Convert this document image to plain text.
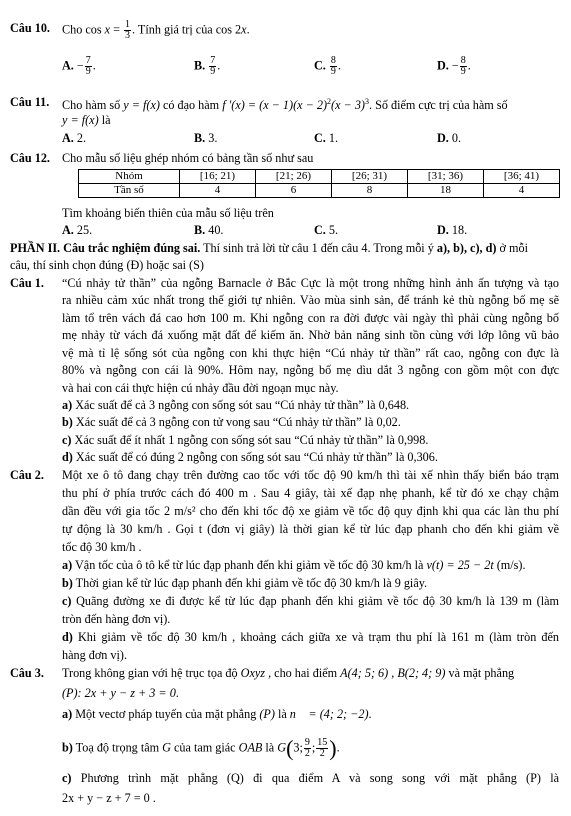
Câu 10. Cho $\cos x = \frac{1}{3}$ . Tính giá trị của cos 2x.
A. − $\frac{7}{9}$ .	B. $\frac{7}{9}$ .	C. $\frac{8}{9}$ .	D. − $\frac{8}{9}$ .
Câu 11. Cho hàm số y = f(x) có đạo hàm f $'(x) = (x - 1)(x - 2)^2(x - 3)^3$. Số điểm cực trị của hàm số
y = f(x) là
A. 2.	B. 3.	C. 1.	D. 0.
Câu 12. Cho mẫu số liệu ghép nhóm có bảng tần số như sau
Nhóm	[16; 21)	[21; 26)	[26; 31)	[31; 36)	[36; 41)
Tần số	4	6	8	18	4
Tìm khoảng biến thiên của mẫu số liệu trên
A. 25.	B. 40.	C. 5.	D. 18.
PHẦN II. Câu trắc nghiệm đúng sai. Thí sinh trả lời từ câu 1 đến câu 4. Trong mỗi ý a), b), c), d) ở mỗi
câu, thí sinh chọn đúng (Đ) hoặc sai (S)
Câu 1. “Cú nhảy tử thần” của ngỗng Barnacle ở Bắc Cực là một trong những hình ảnh ấn tượng và tạo
ra nhiều cảm xúc nhất trong thế giới tự nhiên. Vào mùa sinh sản, để tránh kẻ thù ngỗng bố mẹ sẽ
làm tổ trên vách đá cao hơn 100 m. Khi ngỗng con ra đời được vài ngày thì phải cùng ngỗng bố
mẹ nhảy từ vách đá xuống mặt đất để kiếm ăn. Nhờ bản năng sinh tồn cùng với lớp lông vũ bảo
vệ mà tỉ lệ sống sót của ngỗng con khi thực hiện “Cú nhảy tử thần” rất cao, ngỗng con đực là
80% và ngỗng con cái là 90%. Hôm nay, ngỗng bố mẹ dìu dắt 3 ngỗng con gồm một con đực
và hai con cái thực hiện cú nhảy đầu đời ngoạn mục này.
a) Xác suất để cả 3 ngỗng con sống sót sau “Cú nhảy tử thần” là 0,648.
b) Xác suất để cả 3 ngỗng con tử vong sau “Cú nhảy tử thần” là 0,02.
c) Xác suất để ít nhất 1 ngỗng con sống sót sau “Cú nhảy tử thần” là 0,998.
d) Xác suất để có đúng 2 ngỗng con sống sót sau “Cú nhảy tử thần” là 0,306.
Câu 2. Một xe ô tô đang chạy trên đường cao tốc với tốc độ 90 km/h thì tài xế nhìn thấy biển báo trạm
thu phí ở phía trước cách đó 400 m . Sau 4 giây, tài xế đạp nhẹ phanh, kể từ đó xe chạy chậm
dần đều với gia tốc 2 m/s² cho đến khi tốc độ xe giảm về tốc độ quy định khi qua các làn thu phí
tự động là 30 km/h . Gọi t (đơn vị giây) là thời gian kể từ lúc đạp phanh cho đến khi giảm về
tốc độ 30 km/h .
a) Vận tốc của ô tô kể từ lúc đạp phanh đến khi giảm về tốc độ 30 km/h là v(t) = 25 − 2t (m/s).
b) Thời gian kể từ lúc đạp phanh đến khi giảm về tốc độ 30 km/h là 9 giây.
c) Quãng đường xe đi được kể từ lúc đạp phanh đến khi giảm về tốc độ 30 km/h là 139 m (làm
tròn đến hàng đơn vị).
d) Khi giảm về tốc độ 30 km/h , khoảng cách giữa xe và trạm thu phí là 161 m (làm tròn đến
hàng đơn vị).
Câu 3. Trong không gian với hệ trục tọa độ Oxyz , cho hai điểm A(4; 5; 6) , B(2; 4; 9) và mặt phẳng
(P): 2x + y − z + 3 = 0.
a) Một vectơ pháp tuyến của mặt phẳng (P) là n⃗ = (4; 2; −2).
b) Toạ độ trọng tâm G của tam giác OAB là G(3; $\frac{9}{2}$ ; $\frac{15}{2}$ ).
c) Phương trình mặt phẳng (Q) đi qua điểm A và song song với mặt phẳng (P) là
2x + y − z + 7 = 0 .
